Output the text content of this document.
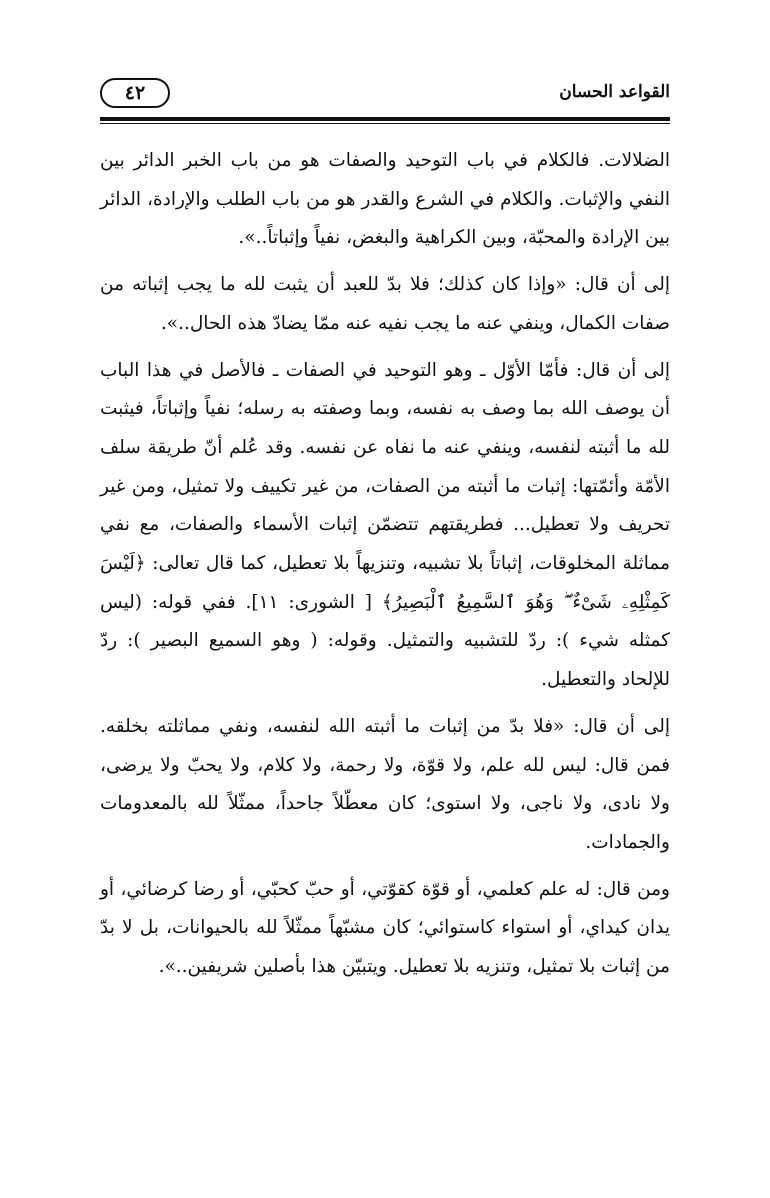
القواعد الحسان
٤٢

الضلالات. فالكلام في باب التوحيد والصفات هو من باب الخبر الدائر بين النفي والإثبات. والكلام في الشرع والقدر هو من باب الطلب والإرادة، الدائر بين الإرادة والمحبّة، وبين الكراهية والبغض، نفياً وإثباتاً..».

إلى أن قال: «وإذا كان كذلك؛ فلا بدّ للعبد أن يثبت لله ما يجب إثباته من صفات الكمال، وينفي عنه ما يجب نفيه عنه ممّا يضادّ هذه الحال..».

إلى أن قال: فأمّا الأوّل ـ وهو التوحيد في الصفات ـ فالأصل في هذا الباب أن يوصف الله بما وصف به نفسه، وبما وصفته به رسله؛ نفياً وإثباتاً، فيثبت لله ما أثبته لنفسه، وينفي عنه ما نفاه عن نفسه. وقد عُلم أنّ طريقة سلف الأمّة وأئمّتها: إثبات ما أثبته من الصفات، من غير تكييف ولا تمثيل، ومن غير تحريف ولا تعطيل... فطريقتهم تتضمّن إثبات الأسماء والصفات، مع نفي مماثلة المخلوقات، إثباتاً بلا تشبيه، وتنزيهاً بلا تعطيل، كما قال تعالى: ﴿لَيْسَ كَمِثْلِهِۦ شَىْءٌ ۖ وَهُوَ ٱلسَّمِيعُ ٱلْبَصِيرُ﴾ [ الشورى: ١١]. ففي قوله: (ليس كمثله شيء ): ردّ للتشبيه والتمثيل. وقوله: ( وهو السميع البصير ): ردّ للإلحاد والتعطيل.

إلى أن قال: «فلا بدّ من إثبات ما أثبته الله لنفسه، ونفي مماثلته بخلقه. فمن قال: ليس لله علم، ولا قوّة، ولا رحمة، ولا كلام، ولا يحبّ ولا يرضى، ولا نادى، ولا ناجى، ولا استوى؛ كان معطّلاً جاحداً، ممثّلاً لله بالمعدومات والجمادات.

ومن قال: له علم كعلمي، أو قوّة كقوّتي، أو حبّ كحبّي، أو رضا كرضائي، أو يدان كيداي، أو استواء كاستوائي؛ كان مشبّهاً ممثّلاً لله بالحيوانات، بل لا بدّ من إثبات بلا تمثيل، وتنزيه بلا تعطيل. ويتبيّن هذا بأصلين شريفين..».
